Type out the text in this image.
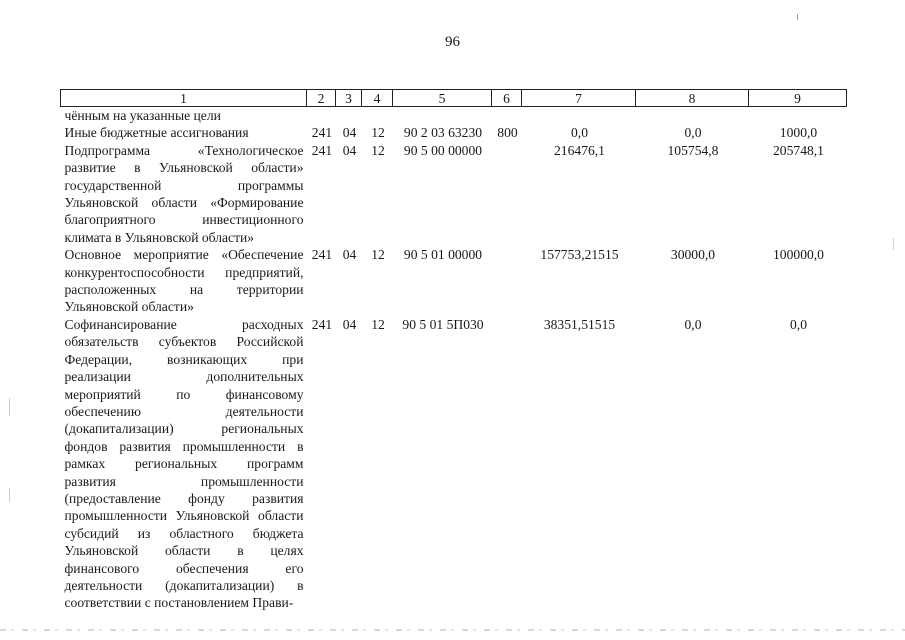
96
1	2	3	4	5	6	7	8	9
чённым на указанные цели								
Иные бюджетные ассигнования	241	04	12	90 2 03 63230	800	0,0	0,0	1000,0
Подпрограмма «Технологическое развитие в Ульяновской области» государственной программы Ульяновской области «Формирование благоприятного инвестиционного климата в Ульяновской области»	241	04	12	90 5 00 00000		216476,1	105754,8	205748,1
Основное мероприятие «Обеспечение конкурентоспособности предприятий, расположенных на территории Ульяновской области»	241	04	12	90 5 01 00000		157753,21515	30000,0	100000,0
Софинансирование расходных обязательств субъектов Российской Федерации, возникающих при реализации дополнительных мероприятий по финансовому обеспечению деятельности (докапитализации) региональных фондов развития промышленности в рамках региональных программ развития промышленности (предоставление фонду развития промышленности Ульяновской области субсидий из областного бюджета Ульяновской области в целях финансового обеспечения его деятельности (докапитализации) в соответствии с постановлением Прави-	241	04	12	90 5 01 5П030		38351,51515	0,0	0,0
